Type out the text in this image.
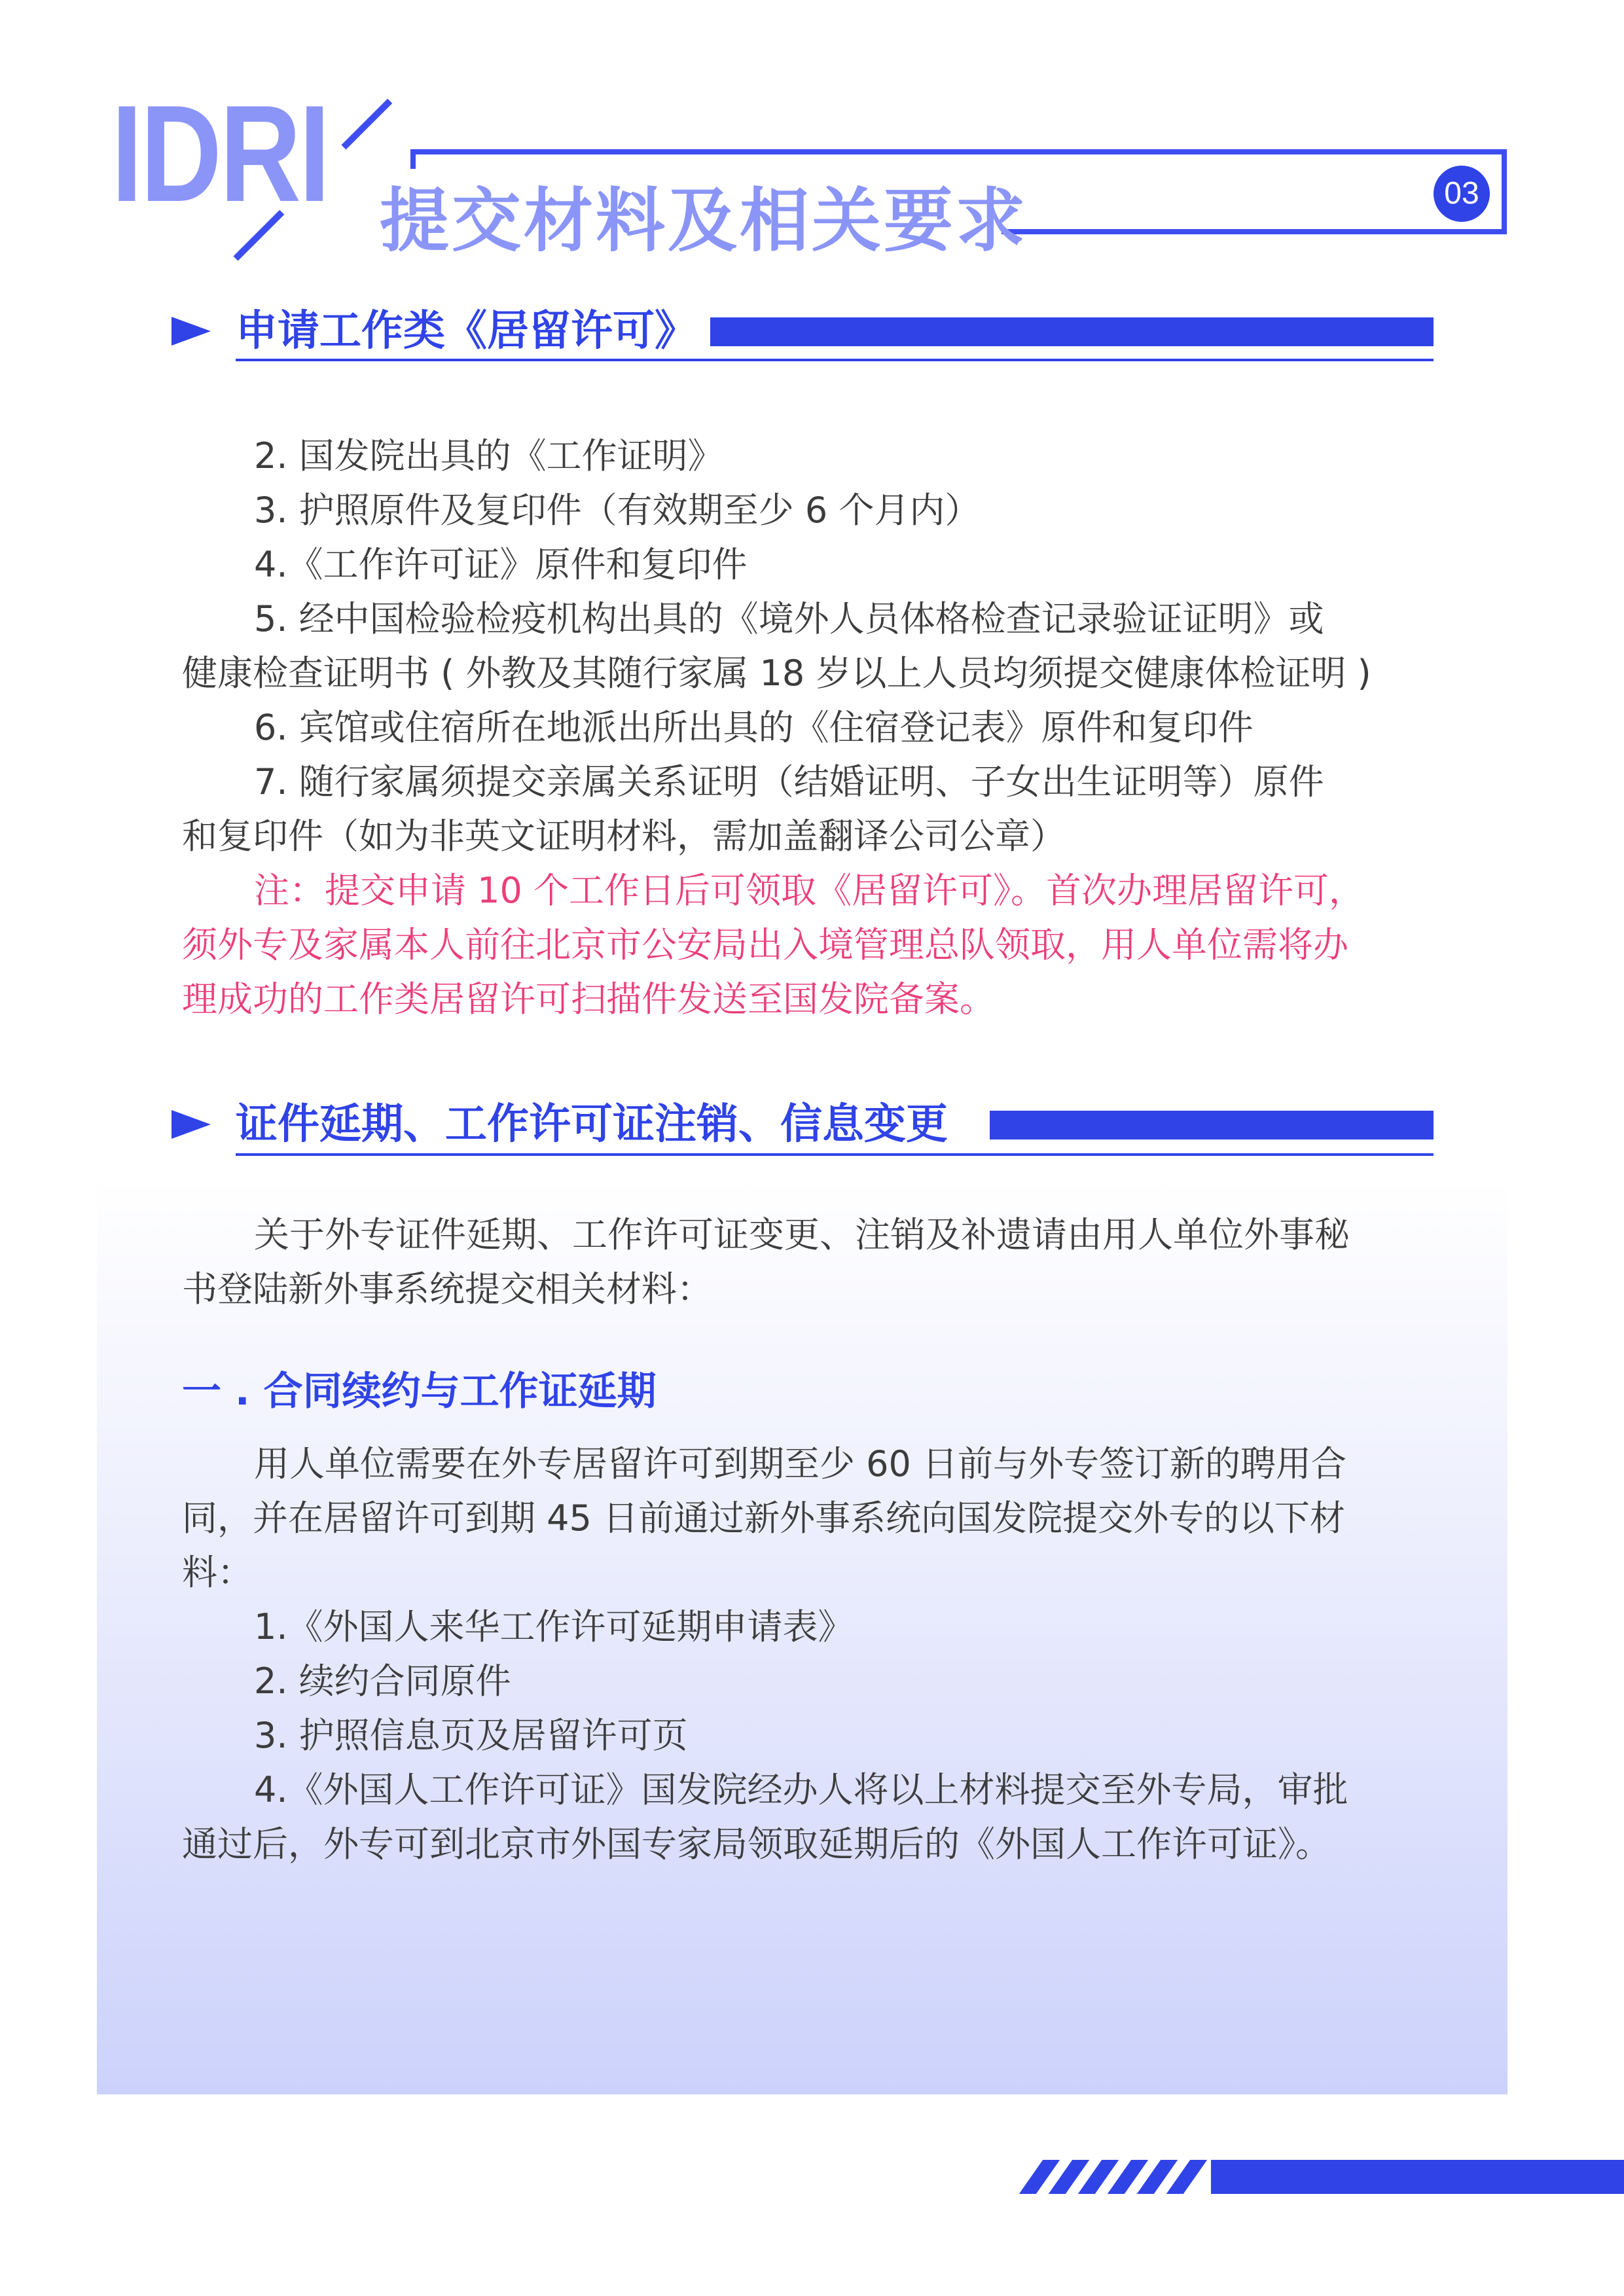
IDRI 提交材料及相关要求	03
申请工作类《居留许可》
2. 国发院出具的《工作证明》
3. 护照原件及复印件（有效期至少 6 个月内）
4.《工作许可证》原件和复印件
5. 经中国检验检疫机构出具的《境外人员体格检查记录验证证明》或
健康检查证明书 ( 外教及其随行家属 18 岁以上人员均须提交健康体检证明 )
6. 宾馆或住宿所在地派出所出具的《住宿登记表》原件和复印件
7. 随行家属须提交亲属关系证明（结婚证明、子女出生证明等）原件
和复印件（如为非英文证明材料，需加盖翻译公司公章）
注：提交申请 10 个工作日后可领取《居留许可》。首次办理居留许可，
须外专及家属本人前往北京市公安局出入境管理总队领取，用人单位需将办
理成功的工作类居留许可扫描件发送至国发院备案。
证件延期、工作许可证注销、信息变更
关于外专证件延期、工作许可证变更、注销及补遗请由用人单位外事秘
书登陆新外事系统提交相关材料：
一 . 合同续约与工作证延期
用人单位需要在外专居留许可到期至少 60 日前与外专签订新的聘用合
同，并在居留许可到期 45 日前通过新外事系统向国发院提交外专的以下材
料：
1.《外国人来华工作许可延期申请表》
2. 续约合同原件
3. 护照信息页及居留许可页
4.《外国人工作许可证》国发院经办人将以上材料提交至外专局，审批
通过后，外专可到北京市外国专家局领取延期后的《外国人工作许可证》。
